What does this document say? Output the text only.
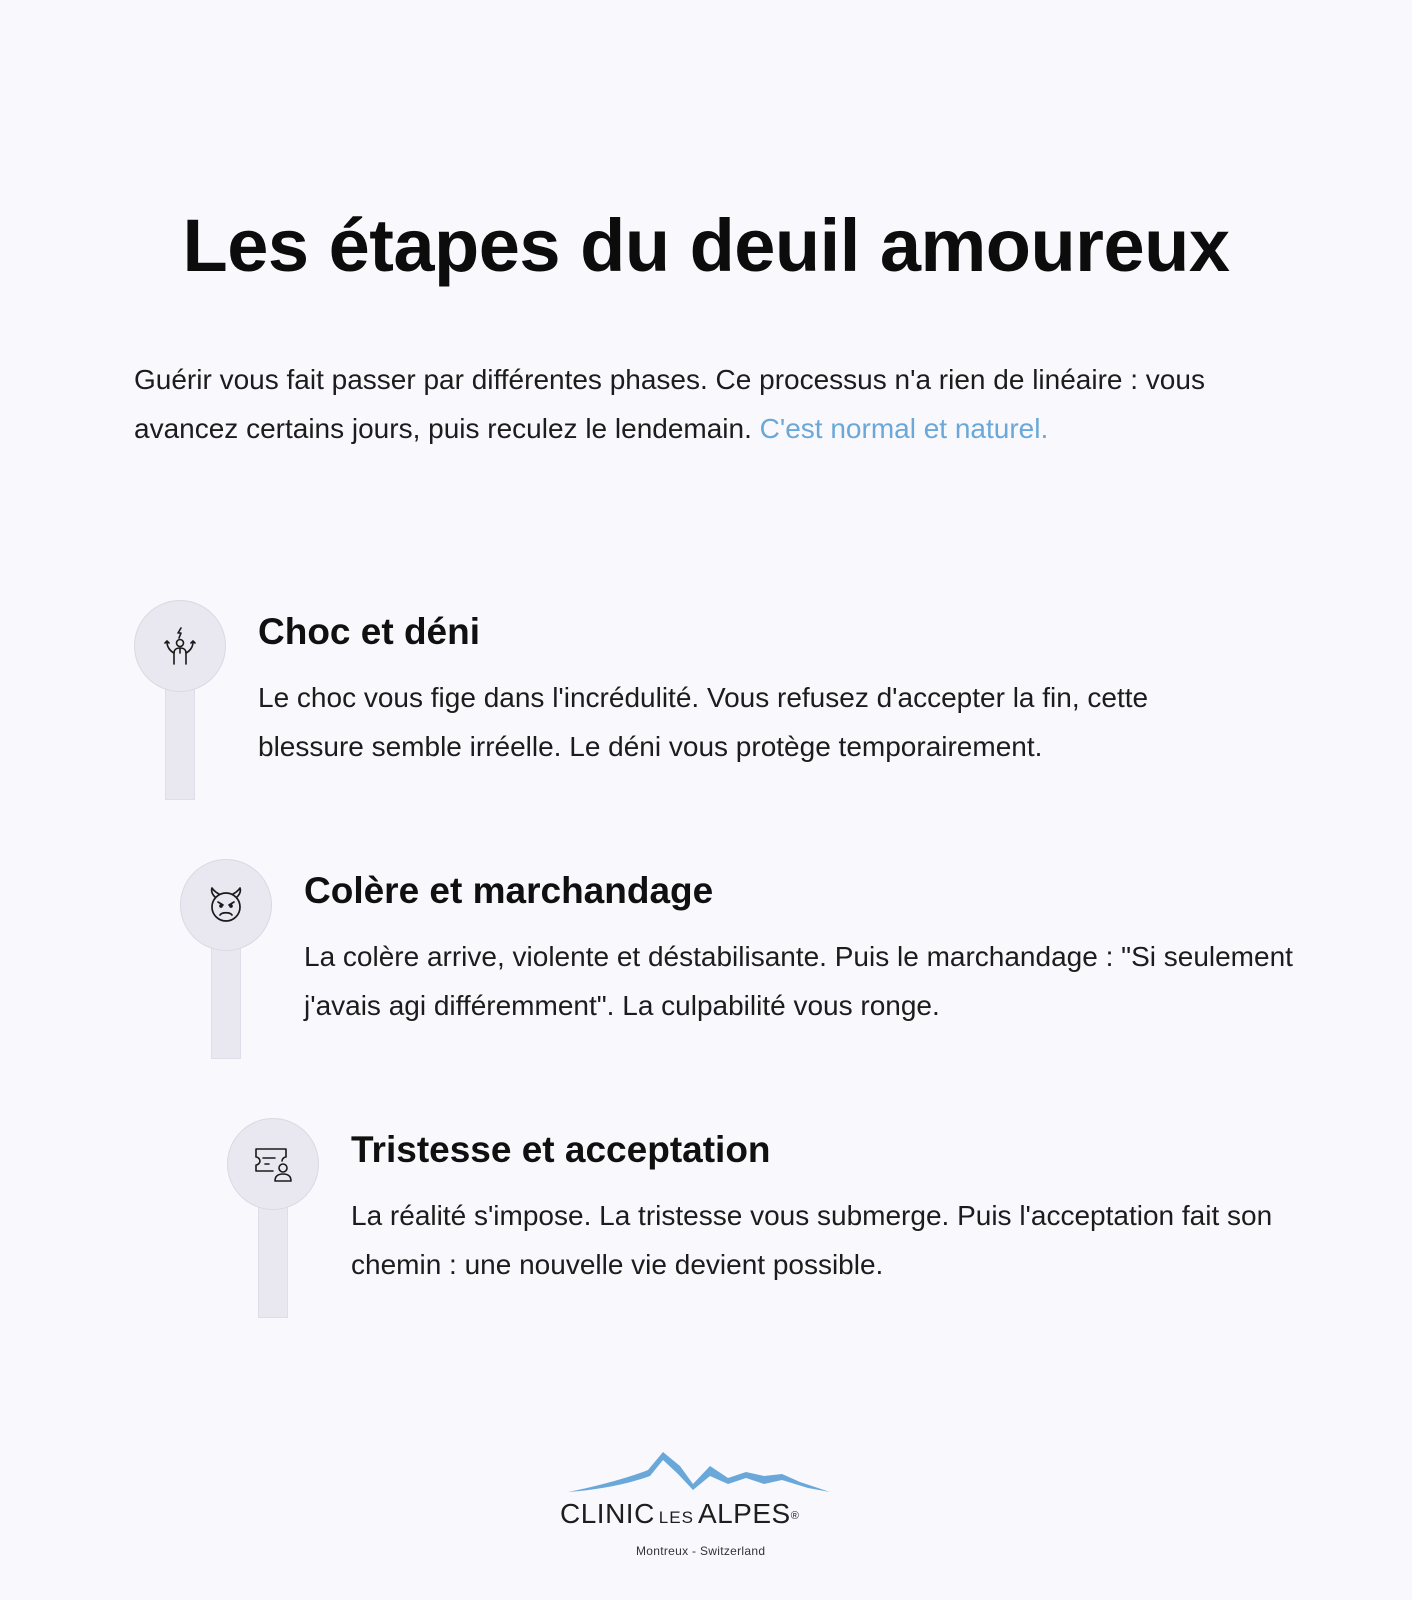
Les étapes du deuil amoureux
Guérir vous fait passer par différentes phases. Ce processus n'a rien de linéaire : vous avancez certains jours, puis reculez le lendemain. C'est normal et naturel.
Choc et déni
Le choc vous fige dans l'incrédulité. Vous refusez d'accepter la fin, cette blessure semble irréelle. Le déni vous protège temporairement.
Colère et marchandage
La colère arrive, violente et déstabilisante. Puis le marchandage : "Si seulement j'avais agi différemment". La culpabilité vous ronge.
Tristesse et acceptation
La réalité s'impose. La tristesse vous submerge. Puis l'acceptation fait son chemin : une nouvelle vie devient possible.
CLINIC LES ALPES®
Montreux - Switzerland
